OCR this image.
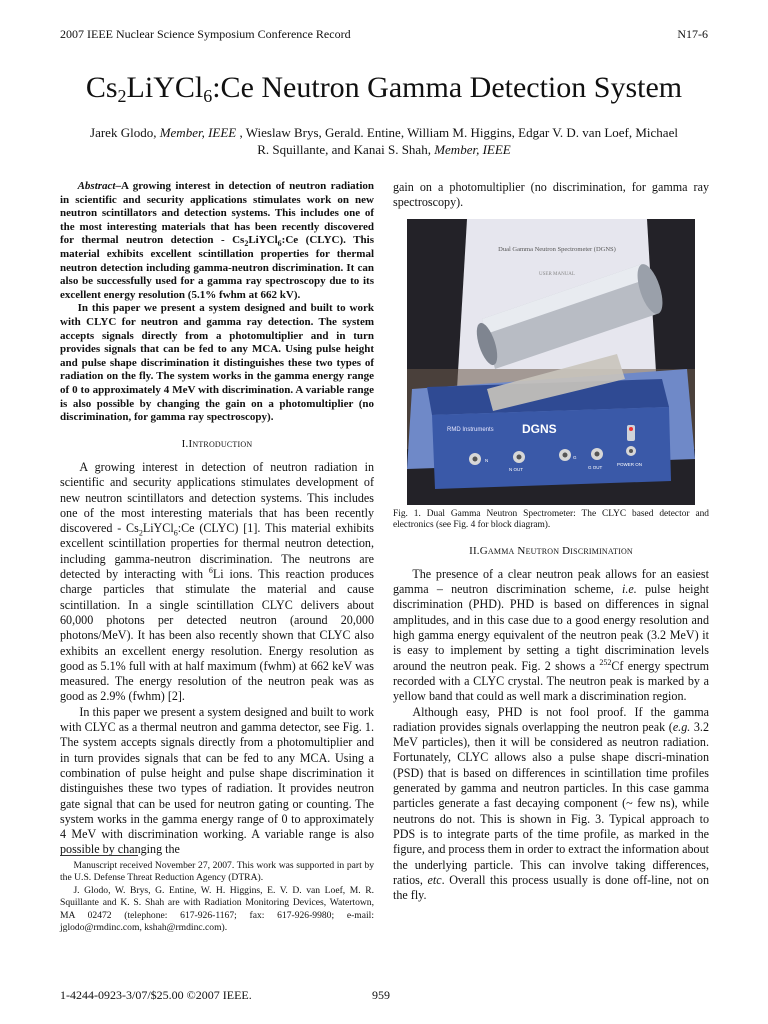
2007 IEEE Nuclear Science Symposium Conference Record	N17-6
$Cs_2LiYCl_6:Ce$ Neutron Gamma Detection System
Jarek Glodo, Member, IEEE , Wieslaw Brys, Gerald. Entine, William M. Higgins, Edgar V. D. van Loef, Michael R. Squillante, and Kanai S. Shah, Member, IEEE

Abstract–A growing interest in detection of neutron radiation in scientific and security applications stimulates work on new neutron scintillators and detection systems. This includes one of the most interesting materials that has been recently discovered for thermal neutron detection - $Cs_2LiYCl_6:Ce$ (CLYC). This material exhibits excellent scintillation properties for thermal neutron detection including gamma-neutron discrimination. It can also be successfully used for a gamma ray spectroscopy due to its excellent energy resolution (5.1% fwhm at 662 kV).

In this paper we present a system designed and built to work with CLYC for neutron and gamma ray detection. The system accepts signals directly from a photomultiplier and in turn provides signals that can be fed to any MCA. Using pulse height and pulse shape discrimination it distinguishes these two types of radiation on the fly. The system works in the gamma energy range of 0 to approximately 4 MeV with discrimination. A variable range is also possible by changing the gain on a photomultiplier (no discrimination, for gamma ray spectroscopy).

I.Introduction

A growing interest in detection of neutron radiation in scientific and security applications stimulates development of new neutron scintillators and detection systems. This includes one of the most interesting materials that has been recently discovered - $Cs_2LiYCl_6:Ce$ (CLYC) [1]. This material exhibits excellent scintillation properties for thermal neutron detection, including gamma-neutron discrimination. The neutrons are detected by interacting with $^6$Li ions. This reaction produces charge particles that stimulate the material and cause scintillation. In a single scintillation CLYC delivers about 60,000 photons per detected neutron (around 20,000 photons/MeV). It has been also recently shown that CLYC also exhibits an excellent energy resolution. Energy resolution as good as 5.1% full with at half maximum (fwhm) at 662 keV was measured. The energy resolution of the neutron peak was as good as 2.9% (fwhm) [2].

In this paper we present a system designed and built to work with CLYC as a thermal neutron and gamma detector, see Fig. 1. The system accepts signals directly from a photomultiplier and in turn provides signals that can be fed to any MCA. Using a combination of pulse height and pulse shape discrimination it distinguishes these two types of radiation. It provides neutron gate signal that can be used for neutron gating or counting. The system works in the gamma energy range of 0 to approximately 4 MeV with discrimination working. A variable range is also possible by changing the

Manuscript received November 27, 2007. This work was supported in part by the U.S. Defense Threat Reduction Agency (DTRA).

J. Glodo, W. Brys, G. Entine, W. H. Higgins, E. V. D. van Loef, M. R. Squillante and K. S. Shah are with Radiation Monitoring Devices, Watertown, MA 02472 (telephone: 617-926-1167; fax: 617-926-9980; e-mail: jglodo@rmdinc.com, kshah@rmdinc.com).

gain on a photomultiplier (no discrimination, for gamma ray spectroscopy).

Dual Gamma Neutron Spectrometer (DGNS)
USER MANUAL
RMD Instruments DGNS
N
N OUT
G
G OUT
POWER ON

Fig. 1. Dual Gamma Neutron Spectrometer: The CLYC based detector and electronics (see Fig. 4 for block diagram).

II.Gamma Neutron Discrimination

The presence of a clear neutron peak allows for an easiest gamma – neutron discrimination scheme, i.e. pulse height discrimination (PHD). PHD is based on differences in signal amplitudes, and in this case due to a good energy resolution and high gamma energy equivalent of the neutron peak (3.2 MeV) it is easy to implement by setting a tight discrimination levels around the neutron peak. Fig. 2 shows a $^{252}$Cf energy spectrum recorded with a CLYC crystal. The neutron peak is marked by a yellow band that could as well mark a discrimination region.

Although easy, PHD is not fool proof. If the gamma radiation provides signals overlapping the neutron peak (e.g. 3.2 MeV particles), then it will be considered as neutron radiation. Fortunately, CLYC allows also a pulse shape discri-mination (PSD) that is based on differences in scintillation time profiles generated by gamma and neutron particles. In this case gamma particles generate a fast decaying component (~ few ns), while neutrons do not. This is shown in Fig. 3. Typical approach to PDS is to integrate parts of the time profile, as marked in the figure, and process them in order to extract the information about the underlying particle. This can involve taking differences, ratios, etc. Overall this process usually is done off-line, not on the fly.

1-4244-0923-3/07/$25.00 ©2007 IEEE.	959
